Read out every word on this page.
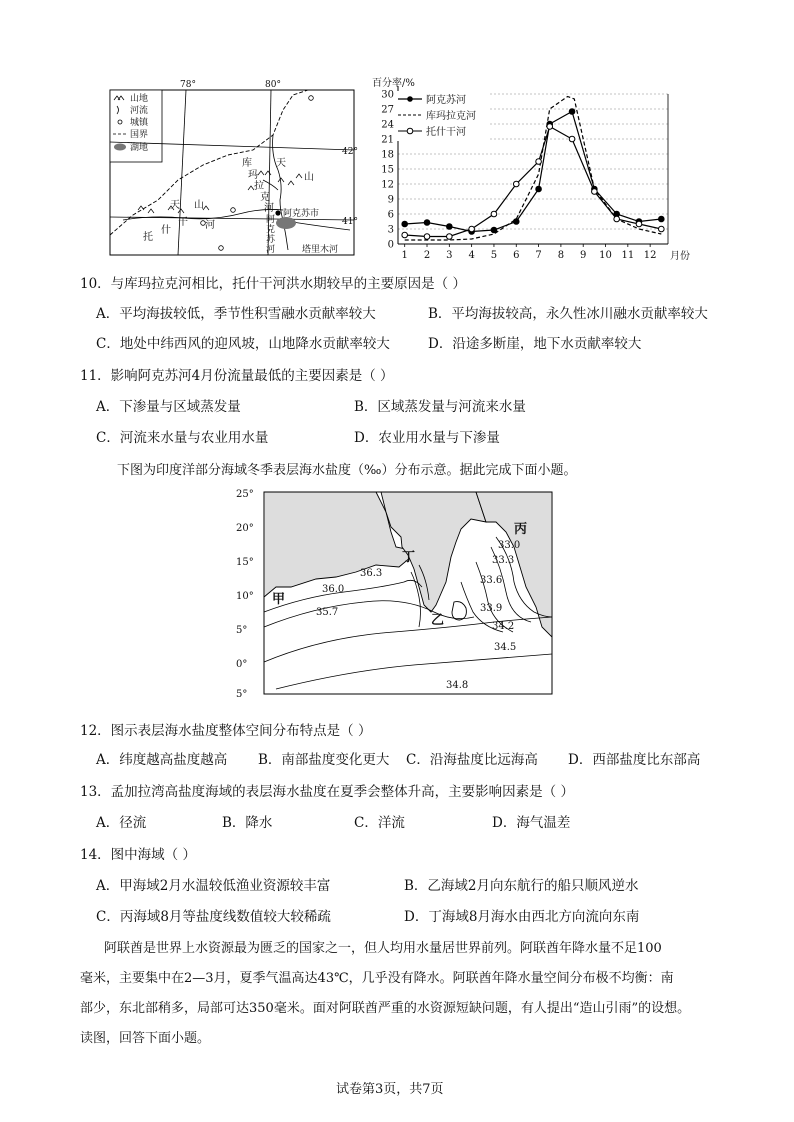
山地
河流
城镇
国界
湖地
78°	80°
42°
41°
库
玛
拉
克
河
天
山
天 山
阿克苏市
托
什
干 河	阿
克
苏
河	塔里木河
百分率/%
0
3
6
9
12
15
18
21
24
27
30
1 2 3 4 5 6 7 8 9 10 11 12
阿克苏河
库玛拉克河
托什干河
月份
10．与库玛拉克河相比，托什干河洪水期较早的主要原因是（ ）
A．平均海拔较低，季节性积雪融水贡献率较大	B．平均海拔较高，永久性冰川融水贡献率较大
C．地处中纬西风的迎风坡，山地降水贡献率较大	D．沿途多断崖，地下水贡献率较大
11．影响阿克苏河4月份流量最低的主要因素是（ ）
A．下渗量与区域蒸发量	B．区域蒸发量与河流来水量
C．河流来水量与农业用水量	D．农业用水量与下渗量
下图为印度洋部分海域冬季表层海水盐度（‰）分布示意。据此完成下面小题。
25°
20°
15°
10°
5°
0°
5°
甲
乙
丙
丁
36.3
36.0
35.7
33.0
33.3
33.6
33.9
34.2
34.5
34.8
12．图示表层海水盐度整体空间分布特点是（ ）
A．纬度越高盐度越高 B．南部盐度变化更大 C．沿海盐度比远海高 D．西部盐度比东部高
13．孟加拉湾高盐度海域的表层海水盐度在夏季会整体升高，主要影响因素是（ ）
A．径流	B．降水	C．洋流	D．海气温差
14．图中海域（ ）
A．甲海域2月水温较低渔业资源较丰富	B．乙海域2月向东航行的船只顺风逆水
C．丙海域8月等盐度线数值较大较稀疏	D．丁海域8月海水由西北方向流向东南
阿联酋是世界上水资源最为匮乏的国家之一，但人均用水量居世界前列。阿联酋年降水量不足100
毫米，主要集中在2—3月，夏季气温高达43℃，几乎没有降水。阿联酋年降水量空间分布极不均衡：南
部少，东北部稍多，局部可达350毫米。面对阿联酋严重的水资源短缺问题，有人提出“造山引雨”的设想。
读图，回答下面小题。
试卷第3页，共7页
